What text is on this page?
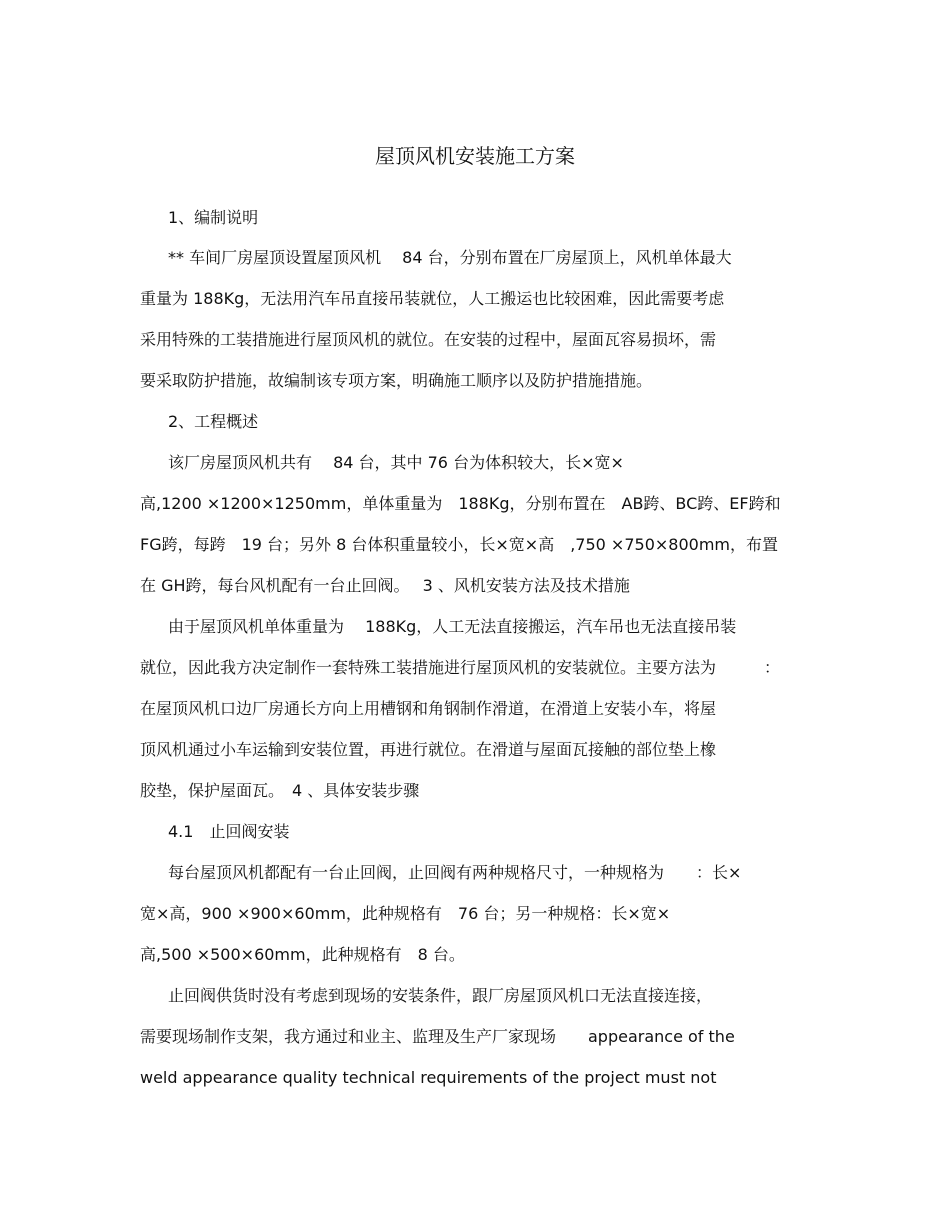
屋顶风机安装施工方案
1、编制说明
** 车间厂房屋顶设置屋顶风机　 84 台，分别布置在厂房屋顶上，风机单体最大
重量为 188Kg，无法用汽车吊直接吊装就位，人工搬运也比较困难，因此需要考虑
采用特殊的工装措施进行屋顶风机的就位。在安装的过程中，屋面瓦容易损坏，需
要采取防护措施，故编制该专项方案，明确施工顺序以及防护措施措施。
2、工程概述
该厂房屋顶风机共有　 84 台，其中 76 台为体积较大，长×宽×
高,1200 ×1200×1250mm，单体重量为　188Kg，分别布置在　AB跨、BC跨、EF跨和
FG跨，每跨　19 台；另外 8 台体积重量较小，长×宽×高　,750 ×750×800mm，布置
在 GH跨，每台风机配有一台止回阀。　 3 、风机安装方法及技术措施
由于屋顶风机单体重量为　 188Kg，人工无法直接搬运，汽车吊也无法直接吊装
就位，因此我方决定制作一套特殊工装措施进行屋顶风机的安装就位。主要方法为　　　：
在屋顶风机口边厂房通长方向上用槽钢和角钢制作滑道，在滑道上安装小车，将屋
顶风机通过小车运输到安装位置，再进行就位。在滑道与屋面瓦接触的部位垫上橡
胶垫，保护屋面瓦。　4 、具体安装步骤
4.1　止回阀安装
每台屋顶风机都配有一台止回阀，止回阀有两种规格尺寸，一种规格为　　：长×
宽×高，900 ×900×60mm，此种规格有　76 台；另一种规格：长×宽×
高,500 ×500×60mm，此种规格有　8 台。
止回阀供货时没有考虑到现场的安装条件，跟厂房屋顶风机口无法直接连接，
需要现场制作支架，我方通过和业主、监理及生产厂家现场　　appearance of the
weld appearance quality technical requirements of the project must not
